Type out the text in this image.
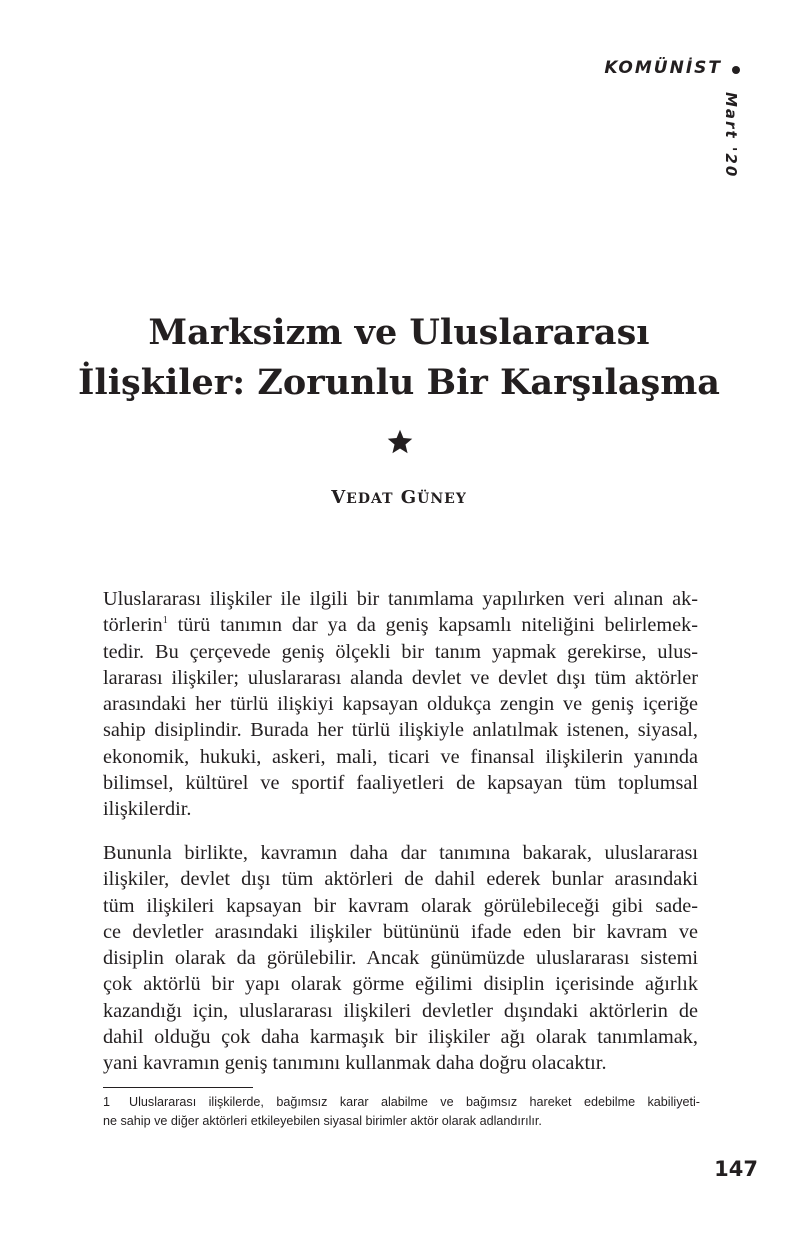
KOMÜNİST
Mart '20
Marksizm ve Uluslararası
İlişkiler: Zorunlu Bir Karşılaşma
VEDAT GÜNEY
Uluslararası ilişkiler ile ilgili bir tanımlama yapılırken veri alınan ak-
törlerin$^1$ türü tanımın dar ya da geniş kapsamlı niteliğini belirlemek-
tedir. Bu çerçevede geniş ölçekli bir tanım yapmak gerekirse, ulus-
lararası ilişkiler; uluslararası alanda devlet ve devlet dışı tüm aktörler
arasındaki her türlü ilişkiyi kapsayan oldukça zengin ve geniş içeriğe
sahip disiplindir. Burada her türlü ilişkiyle anlatılmak istenen, siyasal,
ekonomik, hukuki, askeri, mali, ticari ve finansal ilişkilerin yanında
bilimsel, kültürel ve sportif faaliyetleri de kapsayan tüm toplumsal
ilişkilerdir.
Bununla birlikte, kavramın daha dar tanımına bakarak, uluslararası
ilişkiler, devlet dışı tüm aktörleri de dahil ederek bunlar arasındaki
tüm ilişkileri kapsayan bir kavram olarak görülebileceği gibi sade-
ce devletler arasındaki ilişkiler bütününü ifade eden bir kavram ve
disiplin olarak da görülebilir. Ancak günümüzde uluslararası sistemi
çok aktörlü bir yapı olarak görme eğilimi disiplin içerisinde ağırlık
kazandığı için, uluslararası ilişkileri devletler dışındaki aktörlerin de
dahil olduğu çok daha karmaşık bir ilişkiler ağı olarak tanımlamak,
yani kavramın geniş tanımını kullanmak daha doğru olacaktır.
1 Uluslararası ilişkilerde, bağımsız karar alabilme ve bağımsız hareket edebilme kabiliyeti-
ne sahip ve diğer aktörleri etkileyebilen siyasal birimler aktör olarak adlandırılır.
147
